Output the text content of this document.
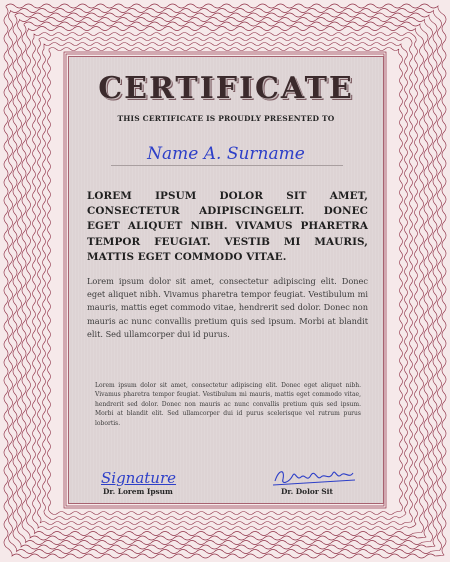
CERTIFICATE
THIS CERTIFICATE IS PROUDLY PRESENTED TO
Name A. Surname
LOREM IPSUM DOLOR SIT AMET, CONSECTETUR ADIPISCINGELIT. DONEC EGET ALIQUET NIBH. VIVAMUS PHARETRA TEMPOR FEUGIAT. VESTIB MI MAURIS, MATTIS EGET COMMODO VITAE.
Lorem ipsum dolor sit amet, consectetur adipiscing elit. Donec eget aliquet nibh. Vivamus pharetra tempor feugiat. Vestibulum mi mauris, mattis eget commodo vitae, hendrerit sed dolor. Donec non mauris ac nunc convallis pretium quis sed ipsum. Morbi at blandit elit. Sed ullamcorper dui id purus.
Lorem ipsum dolor sit amet, consectetur adipiscing elit. Donec eget aliquet nibh. Vivamus pharetra tempor feugiat. Vestibulum mi mauris, mattis eget commodo vitae, hendrerit sed dolor. Donec non mauris ac nunc convallis pretium quis sed ipsum. Morbi at blandit elit. Sed ullamcorper dui id purus scelerisque vel rutrum purus lobortis.
Signature
Dr. Lorem Ipsum	Dr. Dolor Sit
